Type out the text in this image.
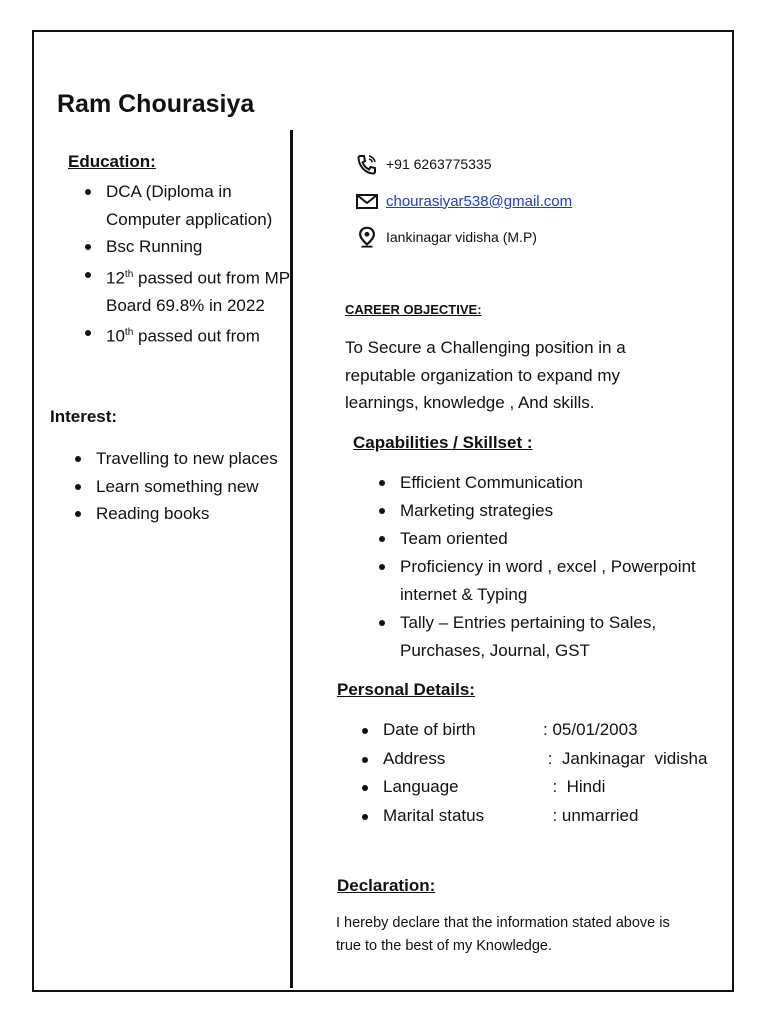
Ram Chourasiya
Education:
DCA (Diploma in Computer application)
Bsc Running
12th passed out from MP Board 69.8% in 2022
10th passed out from
Interest:
Travelling to new places
Learn something new
Reading books
+91 6263775335
chourasiyar538@gmail.com
Iankinagar vidisha (M.P)
CAREER OBJECTIVE:
To Secure a Challenging position in a reputable organization to expand my learnings, knowledge , And skills.
Capabilities / Skillset :
Efficient Communication
Marketing strategies
Team oriented
Proficiency in word , excel , Powerpoint internet & Typing
Tally – Entries pertaining to Sales, Purchases, Journal, GST
Personal Details:
Date of birth	: 05/01/2003
Address	:  Jankinagar  vidisha
Language	:  Hindi
Marital status	: unmarried
Declaration:
I hereby declare that the information stated above is true to the best of my Knowledge.
